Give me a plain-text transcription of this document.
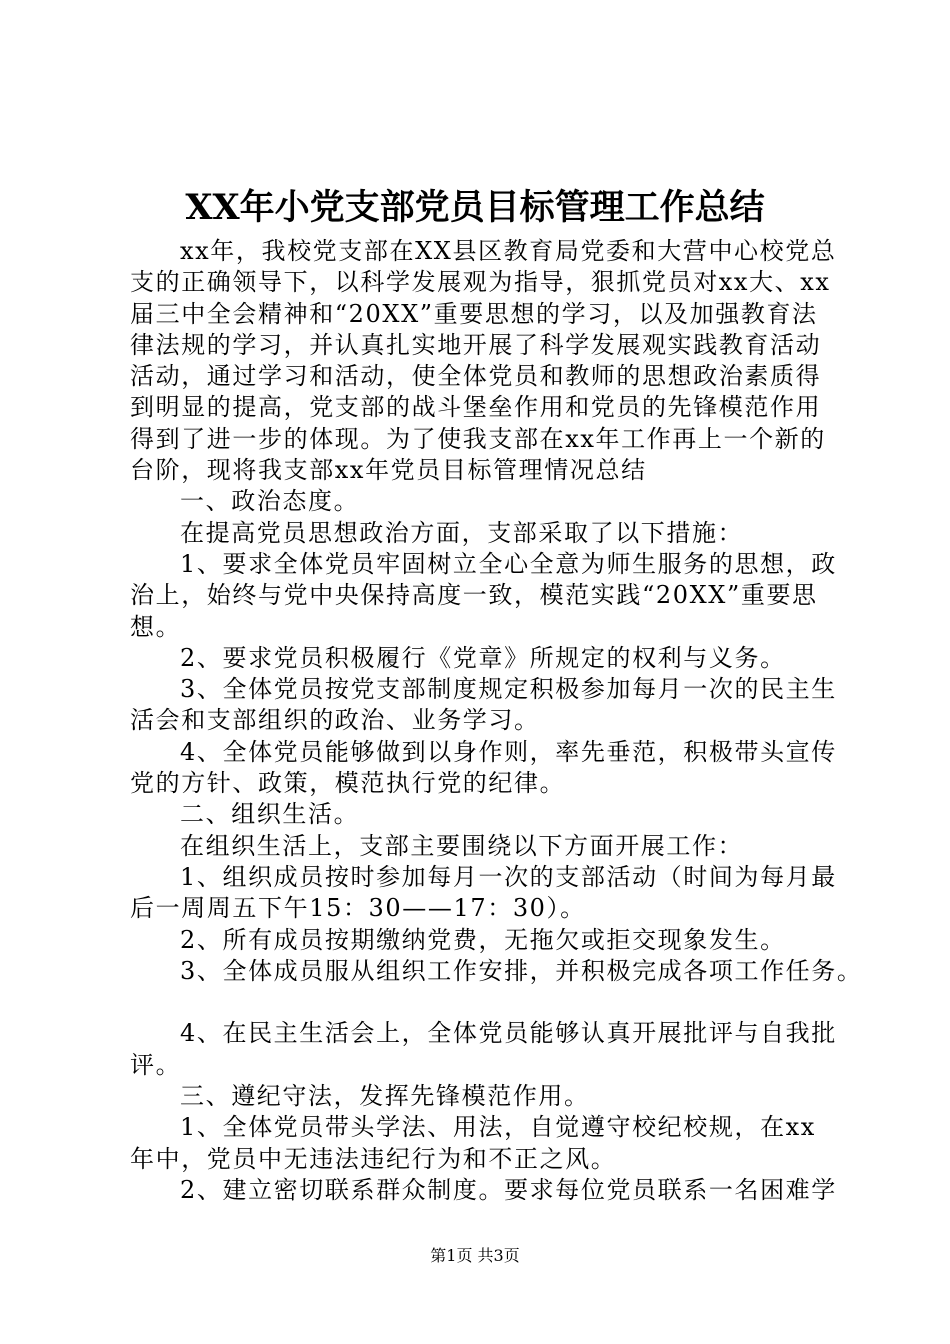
XX年小党支部党员目标管理工作总结
xx年，我校党支部在XX县区教育局党委和大营中心校党总
支的正确领导下，以科学发展观为指导，狠抓党员对xx大、xx
届三中全会精神和“20XX”重要思想的学习，以及加强教育法
律法规的学习，并认真扎实地开展了科学发展观实践教育活动
活动，通过学习和活动，使全体党员和教师的思想政治素质得
到明显的提高，党支部的战斗堡垒作用和党员的先锋模范作用
得到了进一步的体现。为了使我支部在xx年工作再上一个新的
台阶，现将我支部xx年党员目标管理情况总结
一、政治态度。
在提高党员思想政治方面，支部采取了以下措施：
1、要求全体党员牢固树立全心全意为师生服务的思想，政
治上，始终与党中央保持高度一致，模范实践“20XX”重要思
想。
2、要求党员积极履行《党章》所规定的权利与义务。
3、全体党员按党支部制度规定积极参加每月一次的民主生
活会和支部组织的政治、业务学习。
4、全体党员能够做到以身作则，率先垂范，积极带头宣传
党的方针、政策，模范执行党的纪律。
二、组织生活。
在组织生活上，支部主要围绕以下方面开展工作：
1、组织成员按时参加每月一次的支部活动（时间为每月最
后一周周五下午15：30——17：30）。
2、所有成员按期缴纳党费，无拖欠或拒交现象发生。
3、全体成员服从组织工作安排，并积极完成各项工作任务。
4、在民主生活会上，全体党员能够认真开展批评与自我批
评。
三、遵纪守法，发挥先锋模范作用。
1、全体党员带头学法、用法，自觉遵守校纪校规，在xx
年中，党员中无违法违纪行为和不正之风。
2、建立密切联系群众制度。要求每位党员联系一名困难学
第1页 共3页
